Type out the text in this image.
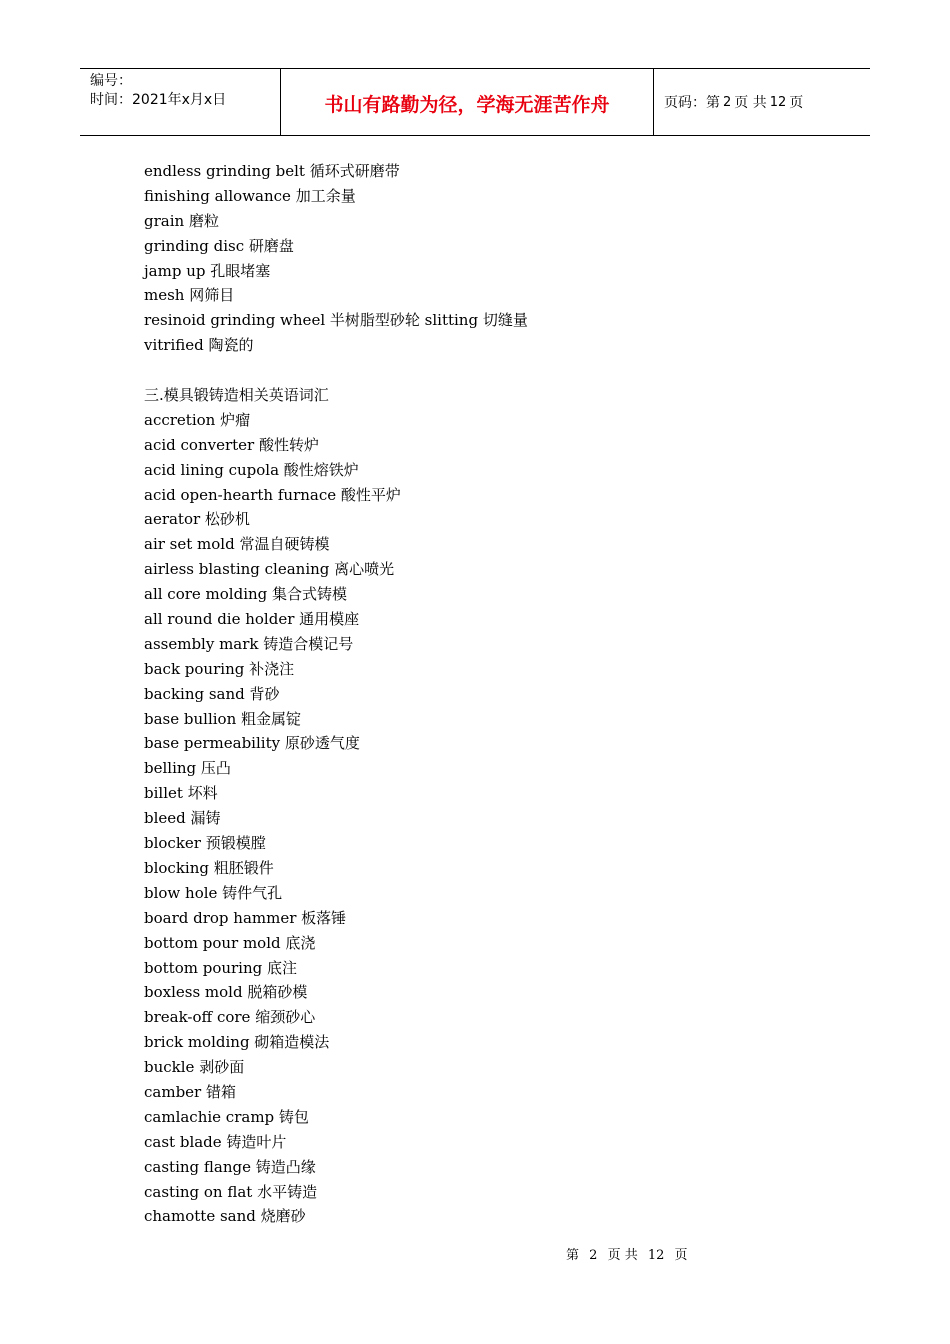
编号：
时间：2021年x月x日	书山有路勤为径，学海无涯苦作舟	页码：第 2 页 共 12 页
endless grinding belt 循环式研磨带
finishing allowance 加工余量
grain 磨粒
grinding disc 研磨盘
jamp up 孔眼堵塞
mesh 网筛目
resinoid grinding wheel 半树脂型砂轮 slitting 切缝量
vitrified 陶瓷的
三.模具锻铸造相关英语词汇
accretion 炉瘤
acid converter 酸性转炉
acid lining cupola 酸性熔铁炉
acid open-hearth furnace 酸性平炉
aerator 松砂机
air set mold 常温自硬铸模
airless blasting cleaning 离心喷光
all core molding 集合式铸模
all round die holder 通用模座
assembly mark 铸造合模记号
back pouring 补浇注
backing sand 背砂
base bullion 粗金属锭
base permeability 原砂透气度
belling 压凸
billet 坏料
bleed 漏铸
blocker 预锻模膛
blocking 粗胚锻件
blow hole 铸件气孔
board drop hammer 板落锤
bottom pour mold 底浇
bottom pouring 底注
boxless mold 脱箱砂模
break-off core 缩颈砂心
brick molding 砌箱造模法
buckle 剥砂面
camber 错箱
camlachie cramp 铸包
cast blade 铸造叶片
casting flange 铸造凸缘
casting on flat 水平铸造
chamotte sand 烧磨砂
第 2 页 共 12 页
